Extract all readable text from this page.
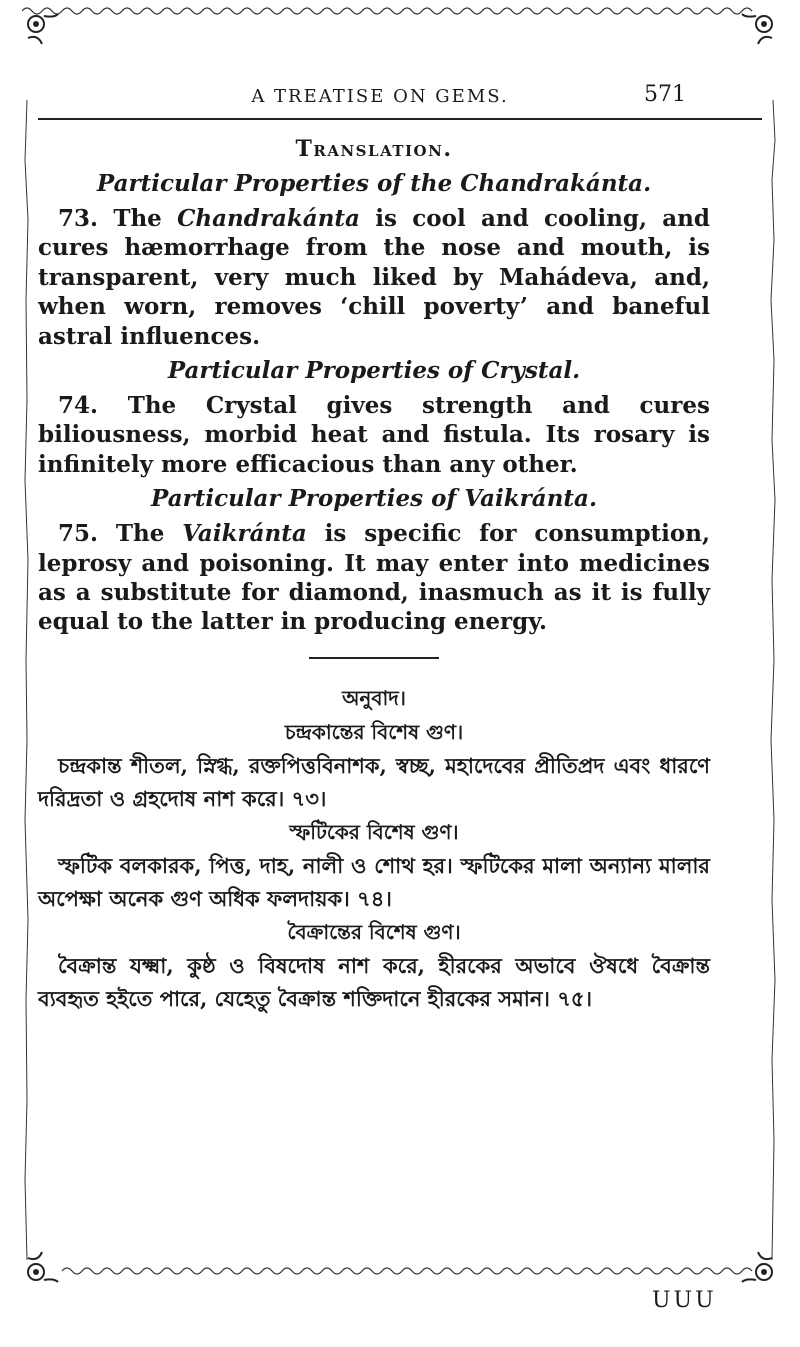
A TREATISE ON GEMS.	571
Translation.
Particular Properties of the Chandrakánta.

73. The Chandrakánta is cool and cooling, and cures hæmorrhage from the nose and mouth, is transparent, very much liked by Mahádeva, and, when worn, removes ‘chill poverty’ and baneful astral influences.

Particular Properties of Crystal.

74. The Crystal gives strength and cures biliousness, morbid heat and fistula. Its rosary is infinitely more efficacious than any other.

Particular Properties of Vaikránta.

75. The Vaikránta is specific for consumption, leprosy and poisoning. It may enter into medicines as a substitute for diamond, inasmuch as it is fully equal to the latter in producing energy.

অনুবাদ।
চন্দ্রকান্তের বিশেষ গুণ।

চন্দ্রকান্ত শীতল, স্নিগ্ধ, রক্তপিত্তবিনাশক, স্বচ্ছ, মহাদেবের প্রীতিপ্রদ এবং ধারণে দরিদ্রতা ও গ্রহদোষ নাশ করে। ৭৩।

স্ফটিকের বিশেষ গুণ।

স্ফটিক বলকারক, পিত্ত, দাহ, নালী ও শোথ হর। স্ফটিকের মালা অন্যান্য মালার অপেক্ষা অনেক গুণ অধিক ফলদায়ক। ৭৪।

বৈক্রান্তের বিশেষ গুণ।

বৈক্রান্ত যক্ষ্মা, কুষ্ঠ ও বিষদোষ নাশ করে, হীরকের অভাবে ঔষধে বৈক্রান্ত ব্যবহৃত হইতে পারে, যেহেতু বৈক্রান্ত শক্তিদানে হীরকের সমান। ৭৫।

UUU
